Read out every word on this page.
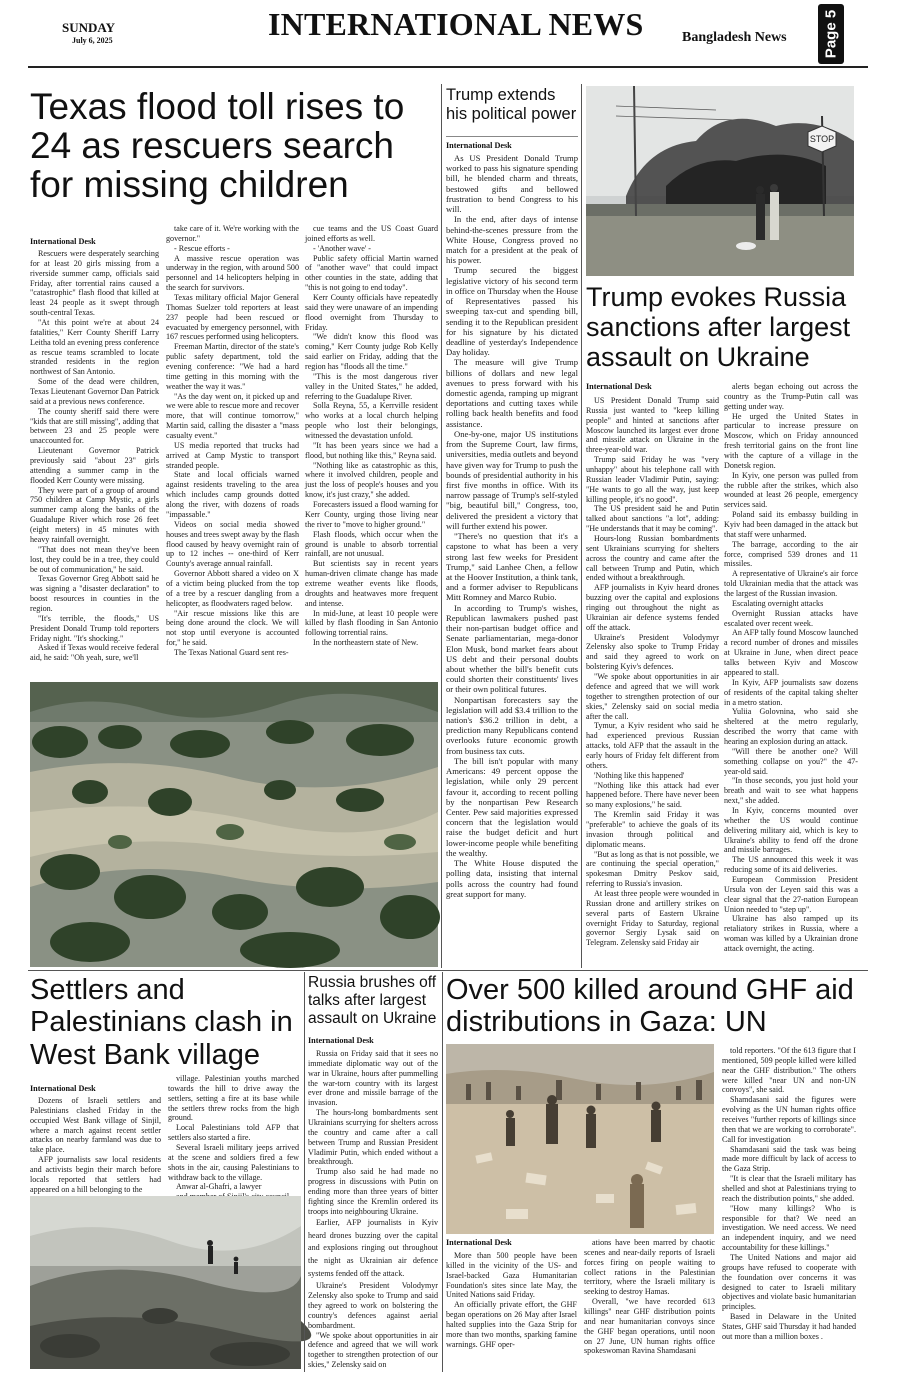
SUNDAY
July 6, 2025	INTERNATIONAL NEWS	Bangladesh News Page 5
Texas flood toll rises to 24 as rescuers search for missing children
International Desk

Rescuers were desperately searching for at least 20 girls missing from a riverside summer camp, officials said Friday, after torrential rains caused a "catastrophic" flash flood that killed at least 24 people as it swept through south-central Texas.

"At this point we're at about 24 fatalities," Kerr County Sheriff Larry Leitha told an evening press conference as rescue teams scrambled to locate stranded residents in the region northwest of San Antonio.

Some of the dead were children, Texas Lieutenant Governor Dan Patrick said at a previous news conference.

The county sheriff said there were "kids that are still missing", adding that between 23 and 25 people were unaccounted for.

Lieutenant Governor Patrick previously said "about 23" girls attending a summer camp in the flooded Kerr County were missing.

They were part of a group of around 750 children at Camp Mystic, a girls summer camp along the banks of the Guadalupe River which rose 26 feet (eight meters) in 45 minutes with heavy rainfall overnight.

"That does not mean they've been lost, they could be in a tree, they could be out of communication," he said.

Texas Governor Greg Abbott said he was signing a "disaster declaration" to boost resources in counties in the region.

"It's terrible, the floods," US President Donald Trump told reporters Friday night. "It's shocking."

Asked if Texas would receive federal aid, he said: "Oh yeah, sure, we'll

take care of it. We're working with the governor."

- Rescue efforts -

A massive rescue operation was underway in the region, with around 500 personnel and 14 helicopters helping in the search for survivors.

Texas military official Major General Thomas Suelzer told reporters at least 237 people had been rescued or evacuated by emergency personnel, with 167 rescues performed using helicopters.

Freeman Martin, director of the state's public safety department, told the evening conference: "We had a hard time getting in this morning with the weather the way it was."

"As the day went on, it picked up and we were able to rescue more and recover more, that will continue tomorrow," Martin said, calling the disaster a "mass casualty event."

US media reported that trucks had arrived at Camp Mystic to transport stranded people.

State and local officials warned against residents traveling to the area which includes camp grounds dotted along the river, with dozens of roads "impassable."

Videos on social media showed houses and trees swept away by the flash flood caused by heavy overnight rain of up to 12 inches -- one-third of Kerr County's average annual rainfall.

Governor Abbott shared a video on X of a victim being plucked from the top of a tree by a rescuer dangling from a helicopter, as floodwaters raged below.

"Air rescue missions like this are being done around the clock. We will not stop until everyone is accounted for," he said.

The Texas National Guard sent res-

cue teams and the US Coast Guard joined efforts as well.

- 'Another wave' -

Public safety official Martin warned of "another wave" that could impact other counties in the state, adding that "this is not going to end today".

Kerr County officials have repeatedly said they were unaware of an impending flood overnight from Thursday to Friday.

"We didn't know this flood was coming," Kerr County judge Rob Kelly said earlier on Friday, adding that the region has "floods all the time."

"This is the most dangerous river valley in the United States," he added, referring to the Guadalupe River.

Solla Reyna, 55, a Kerrville resident who works at a local church helping people who lost their belongings, witnessed the devastation unfold.

"It has been years since we had a flood, but nothing like this," Reyna said.

"Nothing like as catastrophic as this, where it involved children, people and just the loss of people's houses and you know, it's just crazy," she added.

Forecasters issued a flood warning for Kerr County, urging those living near the river to "move to higher ground."

Flash floods, which occur when the ground is unable to absorb torrential rainfall, are not unusual.

But scientists say in recent years human-driven climate change has made extreme weather events like floods, droughts and heatwaves more frequent and intense.

In mid-June, at least 10 people were killed by flash flooding in San Antonio following torrential rains.

In the northeastern state of New.

Trump extends his political power
International Desk

As US President Donald Trump worked to pass his signature spending bill, he blended charm and threats, bestowed gifts and bellowed frustration to bend Congress to his will.

In the end, after days of intense behind-the-scenes pressure from the White House, Congress proved no match for a president at the peak of his power.

Trump secured the biggest legislative victory of his second term in office on Thursday when the House of Representatives passed his sweeping tax-cut and spending bill, sending it to the Republican president for his signature by his dictated deadline of yesterday's Independence Day holiday.

The measure will give Trump billions of dollars and new legal avenues to press forward with his domestic agenda, ramping up migrant deportations and cutting taxes while rolling back health benefits and food assistance.

One-by-one, major US institutions from the Supreme Court, law firms, universities, media outlets and beyond have given way for Trump to push the bounds of presidential authority in his first five months in office. With its narrow passage of Trump's self-styled "big, beautiful bill," Congress, too, delivered the president a victory that will further extend his power.

"There's no question that it's a capstone to what has been a very strong last few weeks for President Trump," said Lanhee Chen, a fellow at the Hoover Institution, a think tank, and a former adviser to Republicans Mitt Romney and Marco Rubio.

In according to Trump's wishes, Republican lawmakers pushed past their non-partisan budget office and Senate parliamentarian, mega-donor Elon Musk, bond market fears about US debt and their personal doubts about whether the bill's benefit cuts could shorten their constituents' lives or their own political futures.

Nonpartisan forecasters say the legislation will add $3.4 trillion to the nation's $36.2 trillion in debt, a prediction many Republicans contend overlooks future economic growth from business tax cuts.

The bill isn't popular with many Americans: 49 percent oppose the legislation, while only 29 percent favour it, according to recent polling by the nonpartisan Pew Research Center. Pew said majorities expressed concern that the legislation would raise the budget deficit and hurt lower-income people while benefiting the wealthy.

The White House disputed the polling data, insisting that internal polls across the country had found great support for many.

STOP
Trump evokes Russia sanctions after largest assault on Ukraine
International Desk

US President Donald Trump said Russia just wanted to "keep killing people" and hinted at sanctions after Moscow launched its largest ever drone and missile attack on Ukraine in the three-year-old war.

Trump said Friday he was "very unhappy" about his telephone call with Russian leader Vladimir Putin, saying: "He wants to go all the way, just keep killing people, it's no good".

The US president said he and Putin talked about sanctions "a lot", adding: "He understands that it may be coming".

Hours-long Russian bombardments sent Ukrainians scurrying for shelters across the country and came after the call between Trump and Putin, which ended without a breakthrough.

AFP journalists in Kyiv heard drones buzzing over the capital and explosions ringing out throughout the night as Ukrainian air defence systems fended off the attack.

Ukraine's President Volodymyr Zelensky also spoke to Trump Friday and said they agreed to work on bolstering Kyiv's defences.

"We spoke about opportunities in air defence and agreed that we will work together to strengthen protection of our skies," Zelensky said on social media after the call.

Tymur, a Kyiv resident who said he had experienced previous Russian attacks, told AFP that the assault in the early hours of Friday felt different from others.

'Nothing like this happened'

"Nothing like this attack had ever happened before. There have never been so many explosions," he said.

The Kremlin said Friday it was "preferable" to achieve the goals of its invasion through political and diplomatic means.

"But as long as that is not possible, we are continuing the special operation," spokesman Dmitry Peskov said, referring to Russia's invasion.

At least three people were wounded in Russian drone and artillery strikes on several parts of Eastern Ukraine overnight Friday to Saturday, regional governor Sergiy Lysak said on Telegram. Zelensky said Friday air

alerts began echoing out across the country as the Trump-Putin call was getting under way.

He urged the United States in particular to increase pressure on Moscow, which on Friday announced fresh territorial gains on the front line with the capture of a village in the Donetsk region.

In Kyiv, one person was pulled from the rubble after the strikes, which also wounded at least 26 people, emergency services said.

Poland said its embassy building in Kyiv had been damaged in the attack but that staff were unharmed.

The barrage, according to the air force, comprised 539 drones and 11 missiles.

A representative of Ukraine's air force told Ukrainian media that the attack was the largest of the Russian invasion.

Escalating overnight attacks

Overnight Russian attacks have escalated over recent week.

An AFP tally found Moscow launched a record number of drones and missiles at Ukraine in June, when direct peace talks between Kyiv and Moscow appeared to stall.

In Kyiv, AFP journalists saw dozens of residents of the capital taking shelter in a metro station.

Yuliia Golovnina, who said she sheltered at the metro regularly, described the worry that came with hearing an explosion during an attack.

"Will there be another one? Will something collapse on you?" the 47-year-old said.

"In those seconds, you just hold your breath and wait to see what happens next," she added.

In Kyiv, concerns mounted over whether the US would continue delivering military aid, which is key to Ukraine's ability to fend off the drone and missile barrages.

The US announced this week it was reducing some of its aid deliveries.

European Commission President Ursula von der Leyen said this was a clear signal that the 27-nation European Union needed to "step up".

Ukraine has also ramped up its retaliatory strikes in Russia, where a woman was killed by a Ukrainian drone attack overnight, the acting.

Settlers and Palestinians clash in West Bank village
International Desk

Dozens of Israeli settlers and Palestinians clashed Friday in the occupied West Bank village of Sinjil, where a march against recent settler attacks on nearby farmland was due to take place.

AFP journalists saw local residents and activists begin their march before locals reported that settlers had appeared on a hill belonging to the

village. Palestinian youths marched towards the hill to drive away the settlers, setting a fire at its base while the settlers threw rocks from the high ground.

Local Palestinians told AFP that settlers also started a fire.

Several Israeli military jeeps arrived at the scene and soldiers fired a few shots in the air, causing Palestinians to withdraw back to the village.

Anwar al-Ghafri, a lawyer

Russia brushes off talks after largest assault on Ukraine
International Desk

Russia on Friday said that it sees no immediate diplomatic way out of the war in Ukraine, hours after pummelling the war-torn country with its largest ever drone and missile barrage of the invasion.

The hours-long bombardments sent Ukrainians scurrying for shelters across the country and came after a call between Trump and Russian President Vladimir Putin, which ended without a breakthrough.

Trump also said he had made no progress in discussions with Putin on ending more than three years of bitter fighting since the Kremlin ordered its troops into neighbouring Ukraine.

Earlier, AFP journalists in Kyiv heard drones buzzing over the capital and explosions ringing out throughout the night as Ukrainian air defence systems fended off the attack.

Ukraine's President Volodymyr Zelensky also spoke to Trump and said they agreed to work on bolstering the country's defences against aerial bombardment.

"We spoke about opportunities in air defence and agreed that we will work together to strengthen protection of our skies," Zelensky said on

Over 500 killed around GHF aid distributions in Gaza: UN
International Desk

More than 500 people have been killed in the vicinity of the US- and Israel-backed Gaza Humanitarian Foundation's sites since late May, the United Nations said Friday.

An officially private effort, the GHF began operations on 26 May after Israel halted supplies into the Gaza Strip for more than two months, sparking famine warnings. GHF oper-

ations have been marred by chaotic scenes and near-daily reports of Israeli forces firing on people waiting to collect rations in the Palestinian territory, where the Israeli military is seeking to destroy Hamas.

Overall, "we have recorded 613 killings" near GHF distribution points and near humanitarian convoys since the GHF began operations, until noon on 27 June, UN human rights office spokeswoman Ravina Shamdasani

told reporters. "Of the 613 figure that I mentioned, 509 people killed were killed near the GHF distribution." The others were killed "near UN and non-UN convoys", she said.

Shamdasani said the figures were evolving as the UN human rights office receives "further reports of killings since then that we are working to corroborate". Call for investigation

Shamdasani said the task was being made more difficult by lack of access to the Gaza Strip.

"It is clear that the Israeli military has shelled and shot at Palestinians trying to reach the distribution points," she added.

"How many killings? Who is responsible for that? We need an investigation. We need access. We need an independent inquiry, and we need accountability for these killings."

The United Nations and major aid groups have refused to cooperate with the foundation over concerns it was designed to cater to Israeli military objectives and violate basic humanitarian principles.

Based in Delaware in the United States, GHF said Thursday it had handed out more than a million boxes .
